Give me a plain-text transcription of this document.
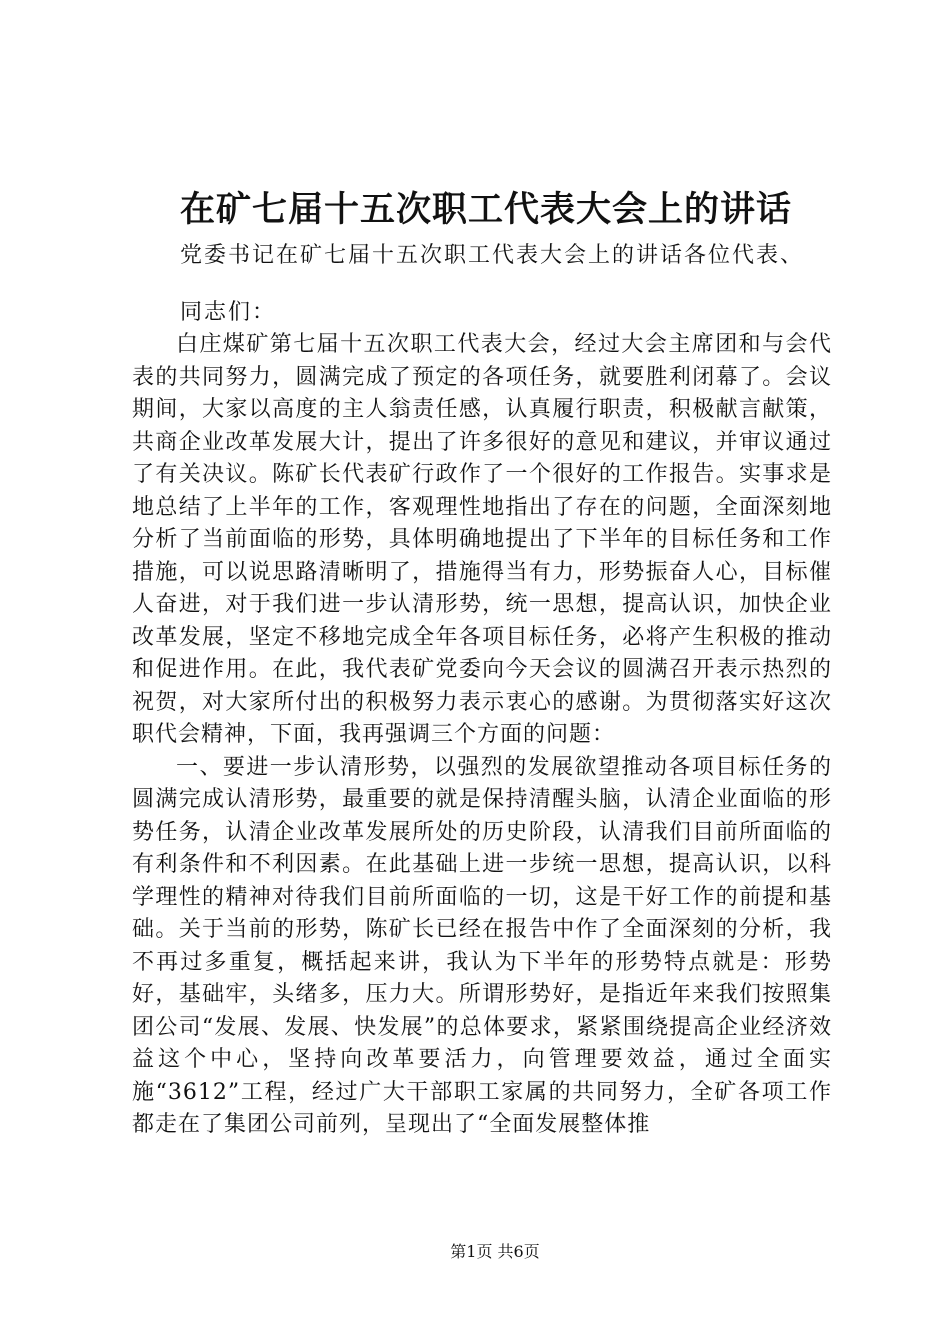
在矿七届十五次职工代表大会上的讲话
党委书记在矿七届十五次职工代表大会上的讲话各位代表、
同志们：

白庄煤矿第七届十五次职工代表大会，经过大会主席团和与会代表的共同努力，圆满完成了预定的各项任务，就要胜利闭幕了。会议期间，大家以高度的主人翁责任感，认真履行职责，积极献言献策，共商企业改革发展大计，提出了许多很好的意见和建议，并审议通过了有关决议。陈矿长代表矿行政作了一个很好的工作报告。实事求是地总结了上半年的工作，客观理性地指出了存在的问题，全面深刻地分析了当前面临的形势，具体明确地提出了下半年的目标任务和工作措施，可以说思路清晰明了，措施得当有力，形势振奋人心，目标催人奋进，对于我们进一步认清形势，统一思想，提高认识，加快企业改革发展，坚定不移地完成全年各项目标任务，必将产生积极的推动和促进作用。在此，我代表矿党委向今天会议的圆满召开表示热烈的祝贺，对大家所付出的积极努力表示衷心的感谢。为贯彻落实好这次职代会精神，下面，我再强调三个方面的问题：

一、要进一步认清形势，以强烈的发展欲望推动各项目标任务的圆满完成认清形势，最重要的就是保持清醒头脑，认清企业面临的形势任务，认清企业改革发展所处的历史阶段，认清我们目前所面临的有利条件和不利因素。在此基础上进一步统一思想，提高认识，以科学理性的精神对待我们目前所面临的一切，这是干好工作的前提和基础。关于当前的形势，陈矿长已经在报告中作了全面深刻的分析，我不再过多重复，概括起来讲，我认为下半年的形势特点就是：形势好，基础牢，头绪多，压力大。所谓形势好，是指近年来我们按照集团公司“发展、发展、快发展”的总体要求，紧紧围绕提高企业经济效益这个中心，坚持向改革要活力，向管理要效益，通过全面实施“3612”工程，经过广大干部职工家属的共同努力，全矿各项工作都走在了集团公司前列，呈现出了“全面发展整体推

第1页 共6页
